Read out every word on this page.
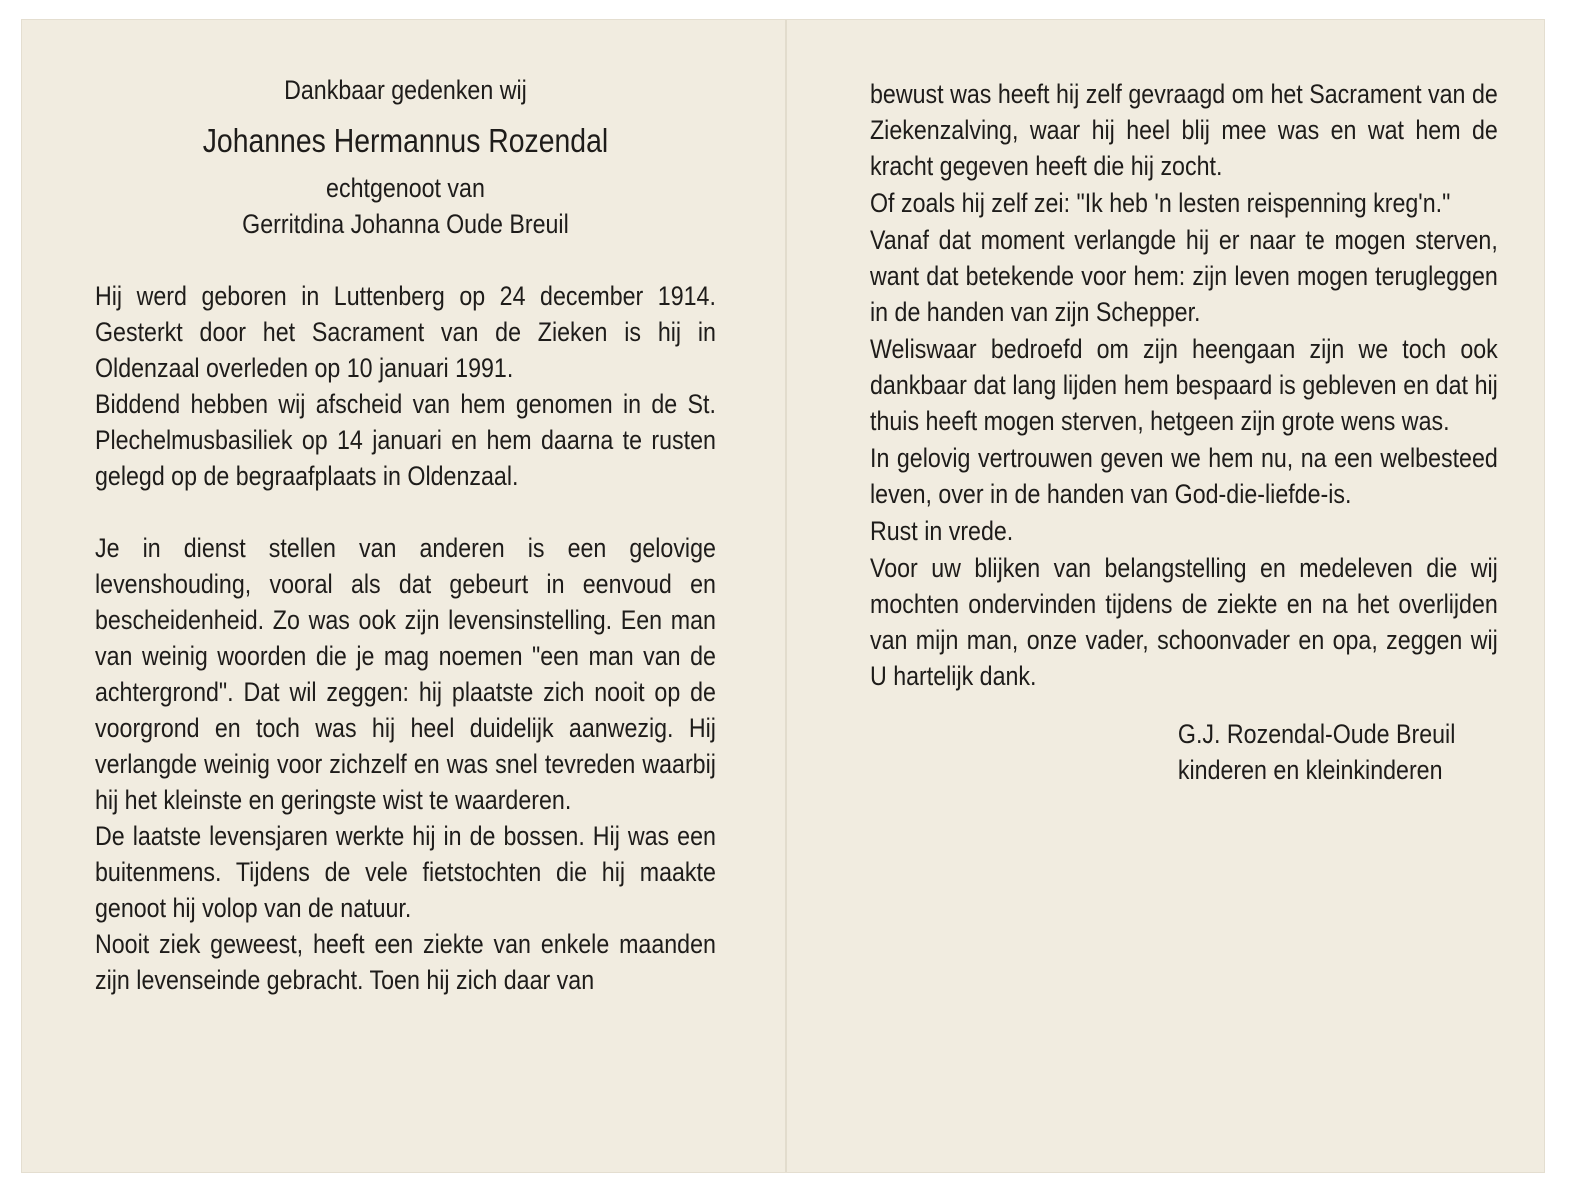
Dankbaar gedenken wij
Johannes Hermannus Rozendal
echtgenoot van
Gerritdina Johanna Oude Breuil

Hij werd geboren in Luttenberg op 24 december 1914. Gesterkt door het Sacrament van de Zieken is hij in Oldenzaal overleden op 10 januari 1991.

Biddend hebben wij afscheid van hem genomen in de St. Plechelmusbasiliek op 14 januari en hem daarna te rusten gelegd op de begraafplaats in Oldenzaal.

Je in dienst stellen van anderen is een gelovige levenshouding, vooral als dat gebeurt in eenvoud en bescheidenheid. Zo was ook zijn levensinstelling. Een man van weinig woorden die je mag noemen "een man van de achtergrond". Dat wil zeggen: hij plaatste zich nooit op de voorgrond en toch was hij heel duidelijk aanwezig. Hij verlangde weinig voor zichzelf en was snel tevreden waarbij hij het kleinste en geringste wist te waarderen.

De laatste levensjaren werkte hij in de bossen. Hij was een buitenmens. Tijdens de vele fietstochten die hij maakte genoot hij volop van de natuur.

Nooit ziek geweest, heeft een ziekte van enkele maanden zijn levenseinde gebracht. Toen hij zich daar van

bewust was heeft hij zelf gevraagd om het Sacrament van de Ziekenzalving, waar hij heel blij mee was en wat hem de kracht gegeven heeft die hij zocht.

Of zoals hij zelf zei: "Ik heb 'n lesten reispenning kreg'n."

Vanaf dat moment verlangde hij er naar te mogen sterven, want dat betekende voor hem: zijn leven mogen terugleggen in de handen van zijn Schepper.

Weliswaar bedroefd om zijn heengaan zijn we toch ook dankbaar dat lang lijden hem bespaard is gebleven en dat hij thuis heeft mogen sterven, hetgeen zijn grote wens was.

In gelovig vertrouwen geven we hem nu, na een welbesteed leven, over in de handen van God-die-liefde-is.

Rust in vrede.

Voor uw blijken van belangstelling en medeleven die wij mochten ondervinden tijdens de ziekte en na het overlijden van mijn man, onze vader, schoonvader en opa, zeggen wij U hartelijk dank.

G.J. Rozendal-Oude Breuil
kinderen en kleinkinderen
